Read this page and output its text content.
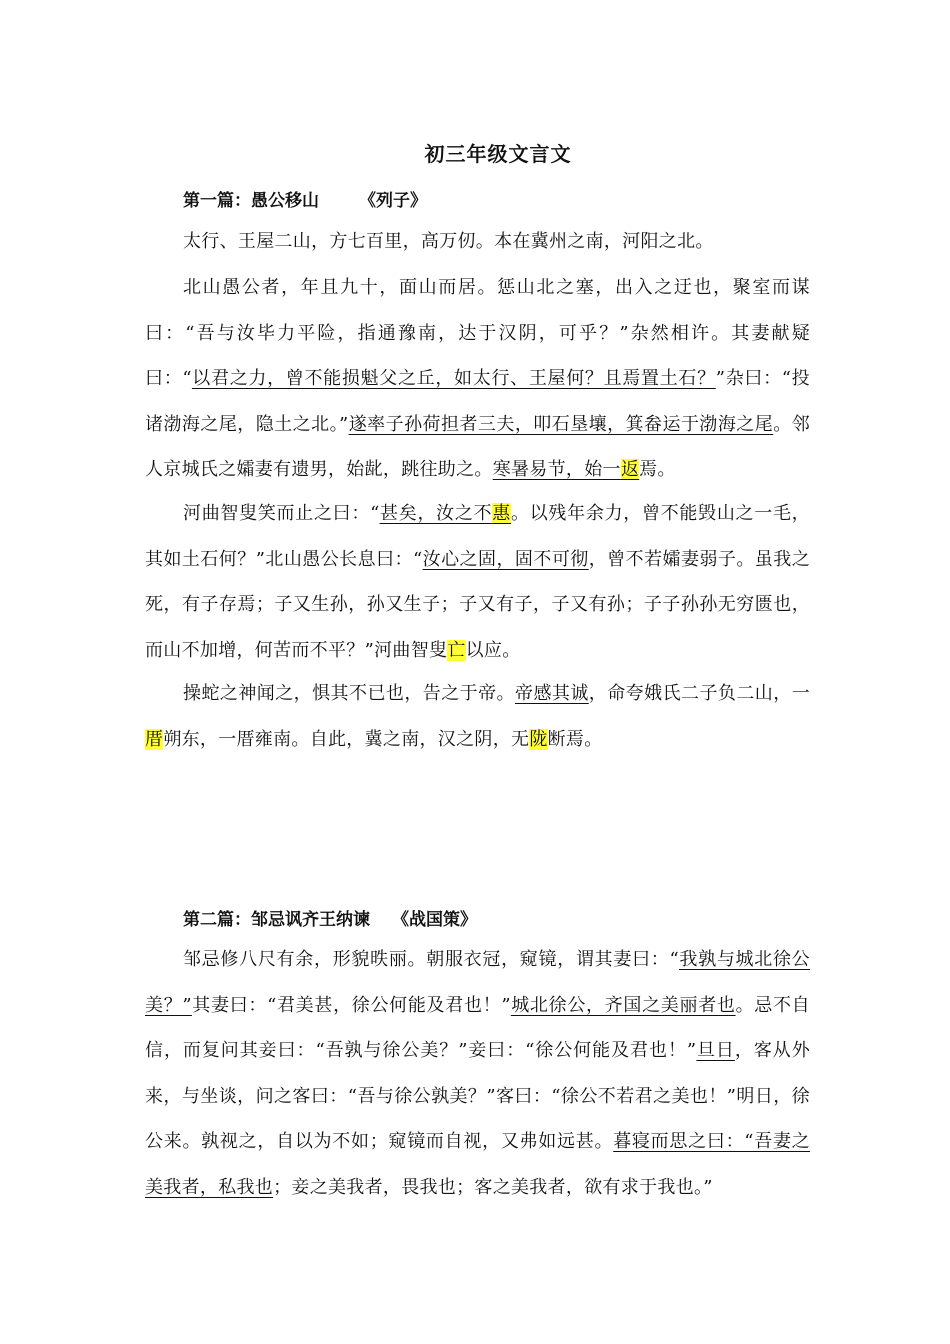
初三年级文言文
第一篇：愚公移山 《列子》
太行、王屋二山，方七百里，高万仞。本在冀州之南，河阳之北。
北山愚公者，年且九十，面山而居。惩山北之塞，出入之迂也，聚室而谋曰：“吾与汝毕力平险，指通豫南，达于汉阴，可乎？”杂然相许。其妻献疑曰：“以君之力，曾不能损魁父之丘，如太行、王屋何？且焉置土石？”杂曰：“投诸渤海之尾，隐土之北。”遂率子孙荷担者三夫，叩石垦壤，箕畚运于渤海之尾。邻人京城氏之孀妻有遗男，始龀，跳往助之。寒暑易节，始一返焉。
河曲智叟笑而止之曰：“甚矣，汝之不惠。以残年余力，曾不能毁山之一毛，其如土石何？”北山愚公长息曰：“汝心之固，固不可彻，曾不若孀妻弱子。虽我之死，有子存焉；子又生孙，孙又生子；子又有子，子又有孙；子子孙孙无穷匮也，而山不加增，何苦而不平？”河曲智叟亡以应。
操蛇之神闻之，惧其不已也，告之于帝。帝感其诚，命夸娥氏二子负二山，一厝朔东，一厝雍南。自此，冀之南，汉之阴，无陇断焉。
第二篇：邹忌讽齐王纳谏 《战国策》
邹忌修八尺有余，形貌昳丽。朝服衣冠，窥镜，谓其妻曰：“我孰与城北徐公美？”其妻曰：“君美甚，徐公何能及君也！”城北徐公，齐国之美丽者也。忌不自信，而复问其妾曰：“吾孰与徐公美？”妾曰：“徐公何能及君也！”旦日，客从外来，与坐谈，问之客曰：“吾与徐公孰美？”客曰：“徐公不若君之美也！”明日，徐公来。孰视之，自以为不如；窥镜而自视，又弗如远甚。暮寝而思之曰：“吾妻之美我者，私我也；妾之美我者，畏我也；客之美我者，欲有求于我也。”
